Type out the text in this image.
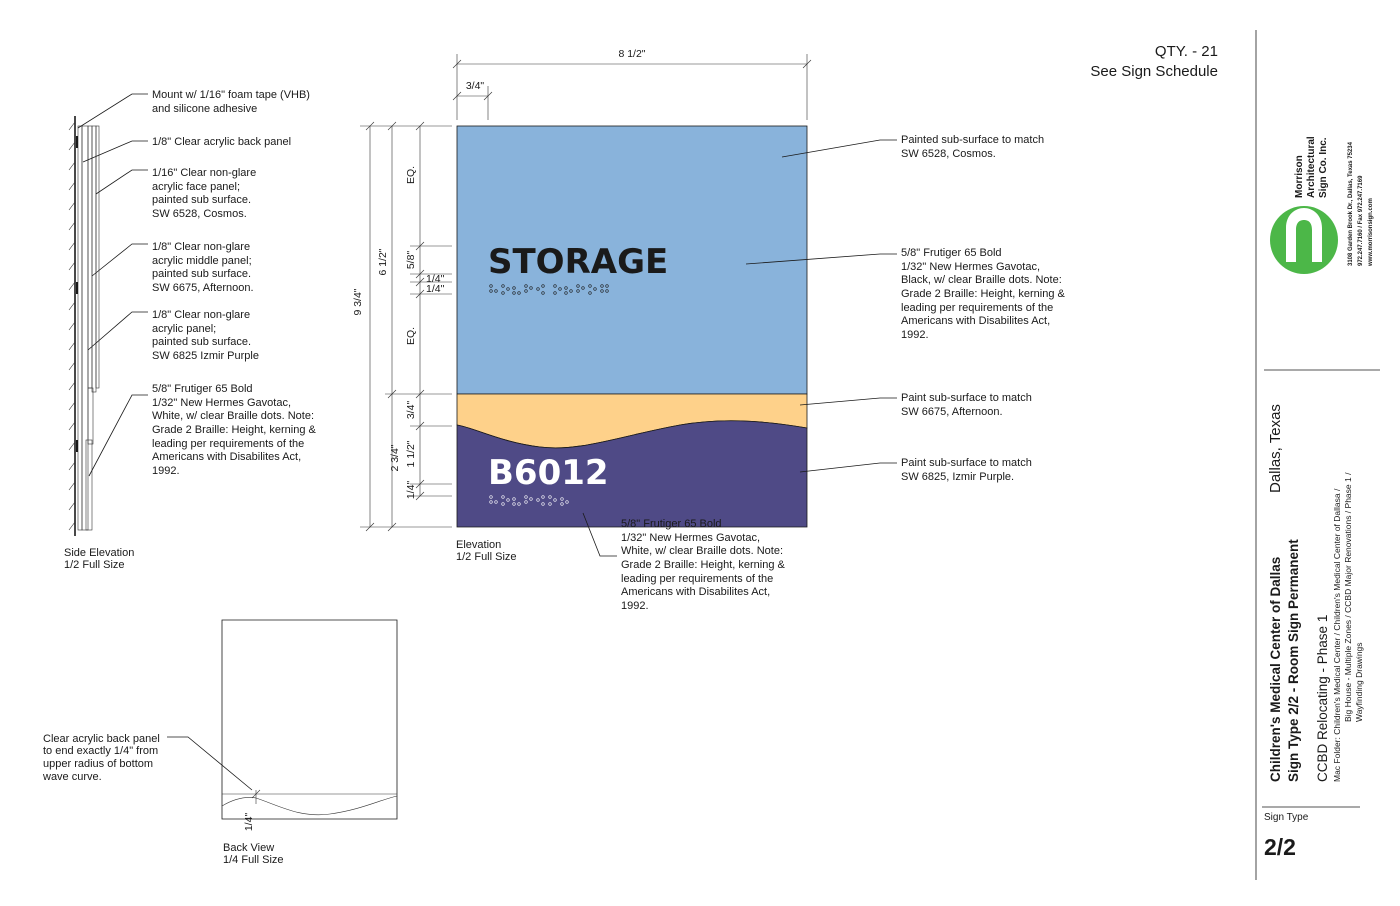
QTY. - 21
See Sign Schedule
Mount w/ 1/16" foam tape (VHB)
and silicone adhesive
1/8" Clear acrylic back panel
1/16" Clear non-glare
acrylic face panel;
painted sub surface.
SW 6528, Cosmos.
1/8" Clear non-glare
acrylic middle panel;
painted sub surface.
SW 6675, Afternoon.
1/8" Clear non-glare
acrylic panel;
painted sub surface.
SW 6825 Izmir Purple
5/8" Frutiger 65 Bold
1/32" New Hermes Gavotac,
White, w/ clear Braille dots. Note:
Grade 2 Braille: Height, kerning &
leading per requirements of the
Americans with Disabilites Act,
1992.
Side Elevation
1/2 Full Size
STORAGE
B6012
Elevation
1/2 Full Size
8 1/2"
3/4"
9 3/4"
6 1/2"
2 3/4"
EQ.
5/8"
1/4"
1/4"
EQ.
3/4"
1 1/2"
1/4"
Painted sub-surface to match
SW 6528, Cosmos.
5/8" Frutiger 65 Bold
1/32" New Hermes Gavotac,
Black, w/ clear Braille dots. Note:
Grade 2 Braille: Height, kerning &
leading per requirements of the
Americans with Disabilites Act,
1992.
Paint sub-surface to match
SW 6675, Afternoon.
Paint sub-surface to match
SW 6825, Izmir Purple.
5/8" Frutiger 65 Bold
1/32" New Hermes Gavotac,
White, w/ clear Braille dots. Note:
Grade 2 Braille: Height, kerning &
leading per requirements of the
Americans with Disabilites Act,
1992.
Clear acrylic back panel
to end exactly 1/4" from
upper radius of bottom
wave curve.
1/4"
Back View
1/4 Full Size
Morrison Architectural Sign Co. Inc.	3108 Garden Brook Dr., Dallas, Texas 75234 972.247.7160 / Fax 972.247.7169 www.morrisonsign.com
Dallas, Texas
Children's Medical Center of Dallas Sign Type 2/2 - Room Sign Permanent CCBD Relocating - Phase 1 Mac Folder: Children's Medical Center / Children's Medical Center of Dallasa / Big House - Multiple Zones / CCBD Major Renovations / Phase 1 / Wayfinding Drawings
Sign Type
2/2
